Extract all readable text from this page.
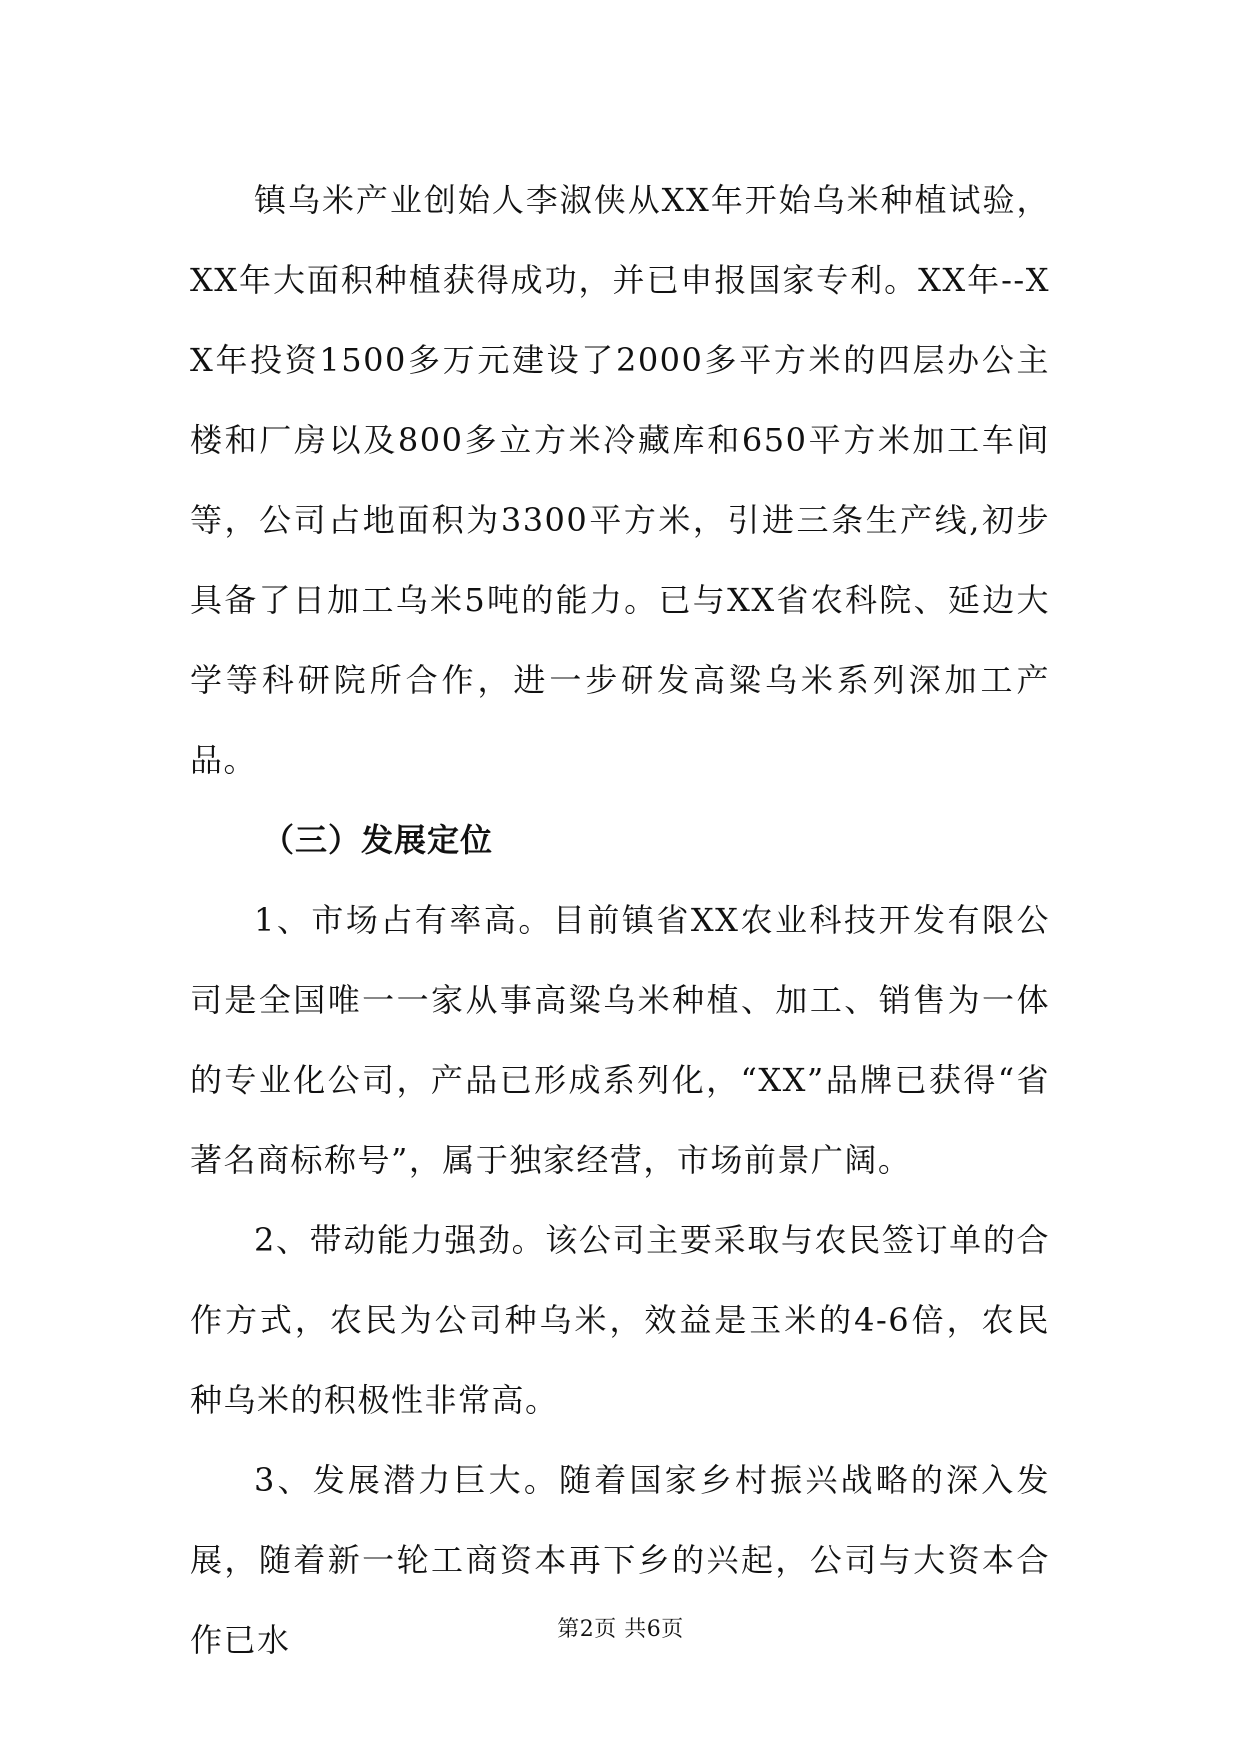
镇乌米产业创始人李淑侠从XX年开始乌米种植试验，XX年大面积种植获得成功，并已申报国家专利。XX年--XX年投资1500多万元建设了2000多平方米的四层办公主楼和厂房以及800多立方米冷藏库和650平方米加工车间等，公司占地面积为3300平方米，引进三条生产线,初步具备了日加工乌米5吨的能力。已与XX省农科院、延边大学等科研院所合作，进一步研发高粱乌米系列深加工产品。

（三）发展定位

1、市场占有率高。目前镇省XX农业科技开发有限公司是全国唯一一家从事高粱乌米种植、加工、销售为一体的专业化公司，产品已形成系列化，“XX”品牌已获得“省著名商标称号”，属于独家经营，市场前景广阔。

2、带动能力强劲。该公司主要采取与农民签订单的合作方式，农民为公司种乌米，效益是玉米的4-6倍，农民种乌米的积极性非常高。

3、发展潜力巨大。随着国家乡村振兴战略的深入发展，随着新一轮工商资本再下乡的兴起，公司与大资本合作已水	第2页 共6页
